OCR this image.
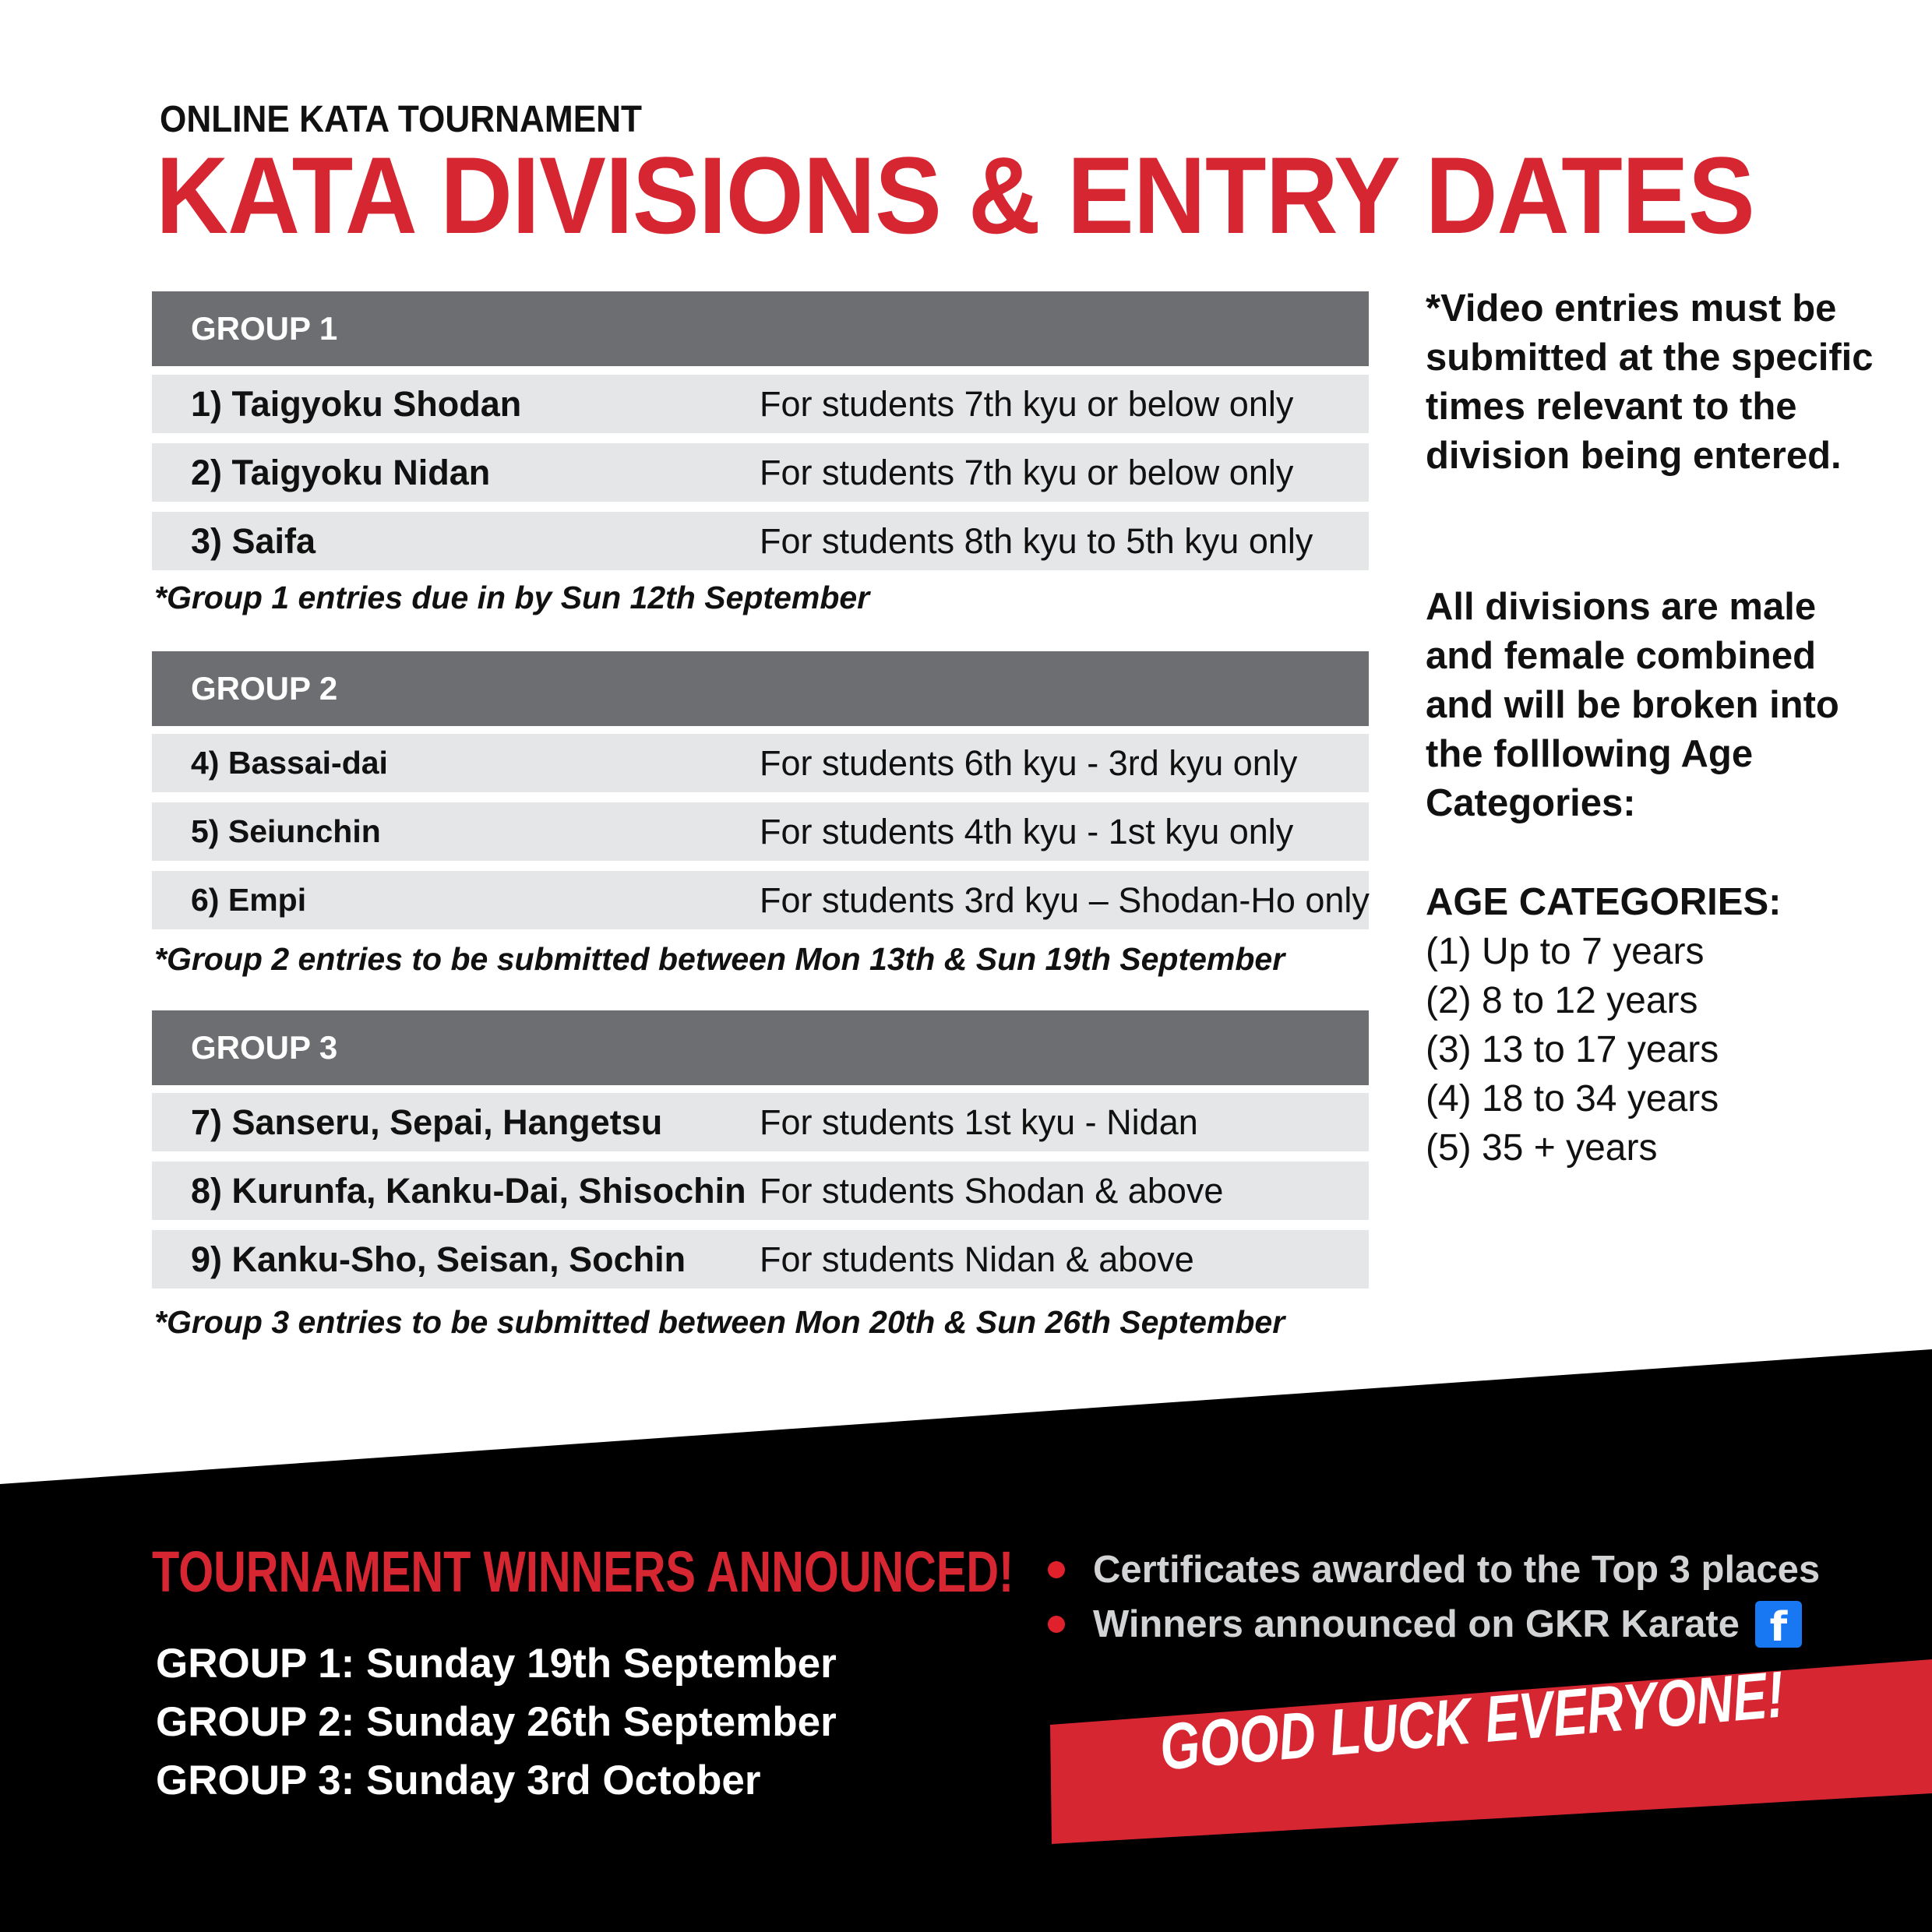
ONLINE KATA TOURNAMENT
KATA DIVISIONS & ENTRY DATES
GROUP 1
1) Taigyoku Shodan	For students 7th kyu or below only
2) Taigyoku Nidan	For students 7th kyu or below only
3) Saifa	For students 8th kyu to 5th kyu only
*Group 1 entries due in by Sun 12th September
GROUP 2
4) Bassai-dai	For students 6th kyu - 3rd kyu only
5) Seiunchin	For students 4th kyu - 1st kyu only
6) Empi	For students 3rd kyu – Shodan-Ho only
*Group 2 entries to be submitted between Mon 13th & Sun 19th September
GROUP 3
7) Sanseru, Sepai, Hangetsu	For students 1st kyu - Nidan
8) Kurunfa, Kanku-Dai, Shisochin For students Shodan & above
9) Kanku-Sho, Seisan, Sochin	For students Nidan & above
*Group 3 entries to be submitted between Mon 20th & Sun 26th September
*Video entries must be submitted at the specific times relevant to the division being entered.
All divisions are male and female combined and will be broken into the folllowing Age Categories:
AGE CATEGORIES:
(1) Up to 7 years
(2) 8 to 12 years
(3) 13 to 17 years
(4) 18 to 34 years
(5) 35 + years
TOURNAMENT WINNERS ANNOUNCED!
GROUP 1: Sunday 19th September
GROUP 2: Sunday 26th September
GROUP 3: Sunday 3rd October
Certificates awarded to the Top 3 places
Winners announced on GKR Karate f
GOOD LUCK EVERYONE!
